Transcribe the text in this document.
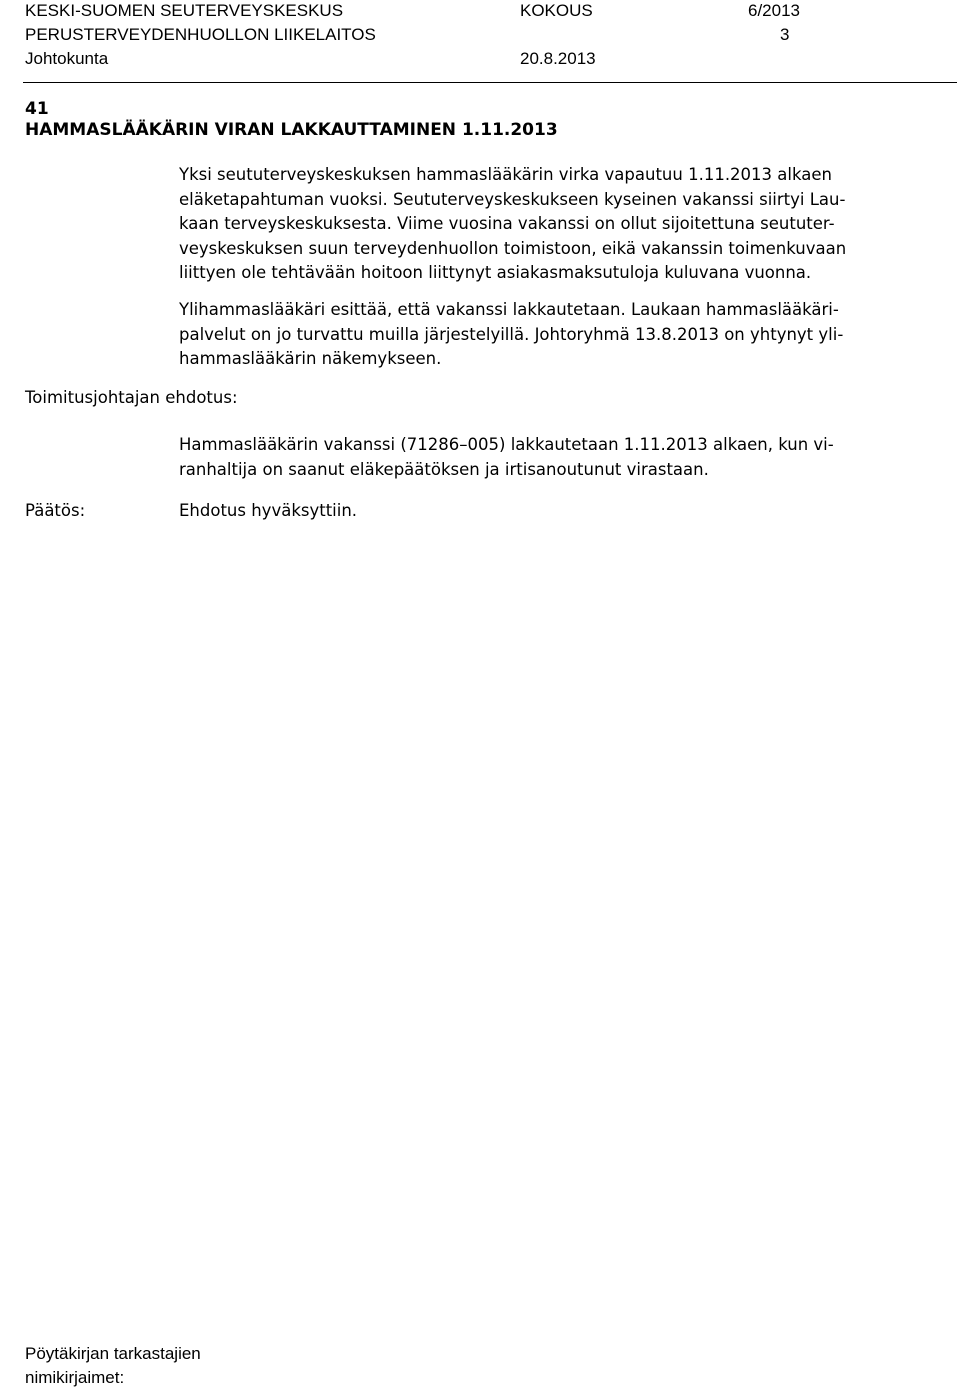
KESKI-SUOMEN SEUTERVEYSKESKUS	KOKOUS	6/2013
PERUSTERVEYDENHUOLLON LIIKELAITOS	3
Johtokunta	20.8.2013
41
HAMMASLÄÄKÄRIN VIRAN LAKKAUTTAMINEN 1.11.2013

Yksi seututerveyskeskuksen hammaslääkärin virka vapautuu 1.11.2013 alkaen
eläketapahtuman vuoksi. Seututerveyskeskukseen kyseinen vakanssi siirtyi Lau-
kaan terveyskeskuksesta. Viime vuosina vakanssi on ollut sijoitettuna seututer-
veyskeskuksen suun terveydenhuollon toimistoon, eikä vakanssin toimenkuvaan
liittyen ole tehtävään hoitoon liittynyt asiakasmaksutuloja kuluvana vuonna.

Ylihammaslääkäri esittää, että vakanssi lakkautetaan. Laukaan hammaslääkäri-
palvelut on jo turvattu muilla järjestelyillä. Johtoryhmä 13.8.2013 on yhtynyt yli-
hammaslääkärin näkemykseen.

Toimitusjohtajan ehdotus:

Hammaslääkärin vakanssi (71286–005) lakkautetaan 1.11.2013 alkaen, kun vi-
ranhaltija on saanut eläkepäätöksen ja irtisanoutunut virastaan.

Päätös:	Ehdotus hyväksyttiin.
Pöytäkirjan tarkastajien
nimikirjaimet:
